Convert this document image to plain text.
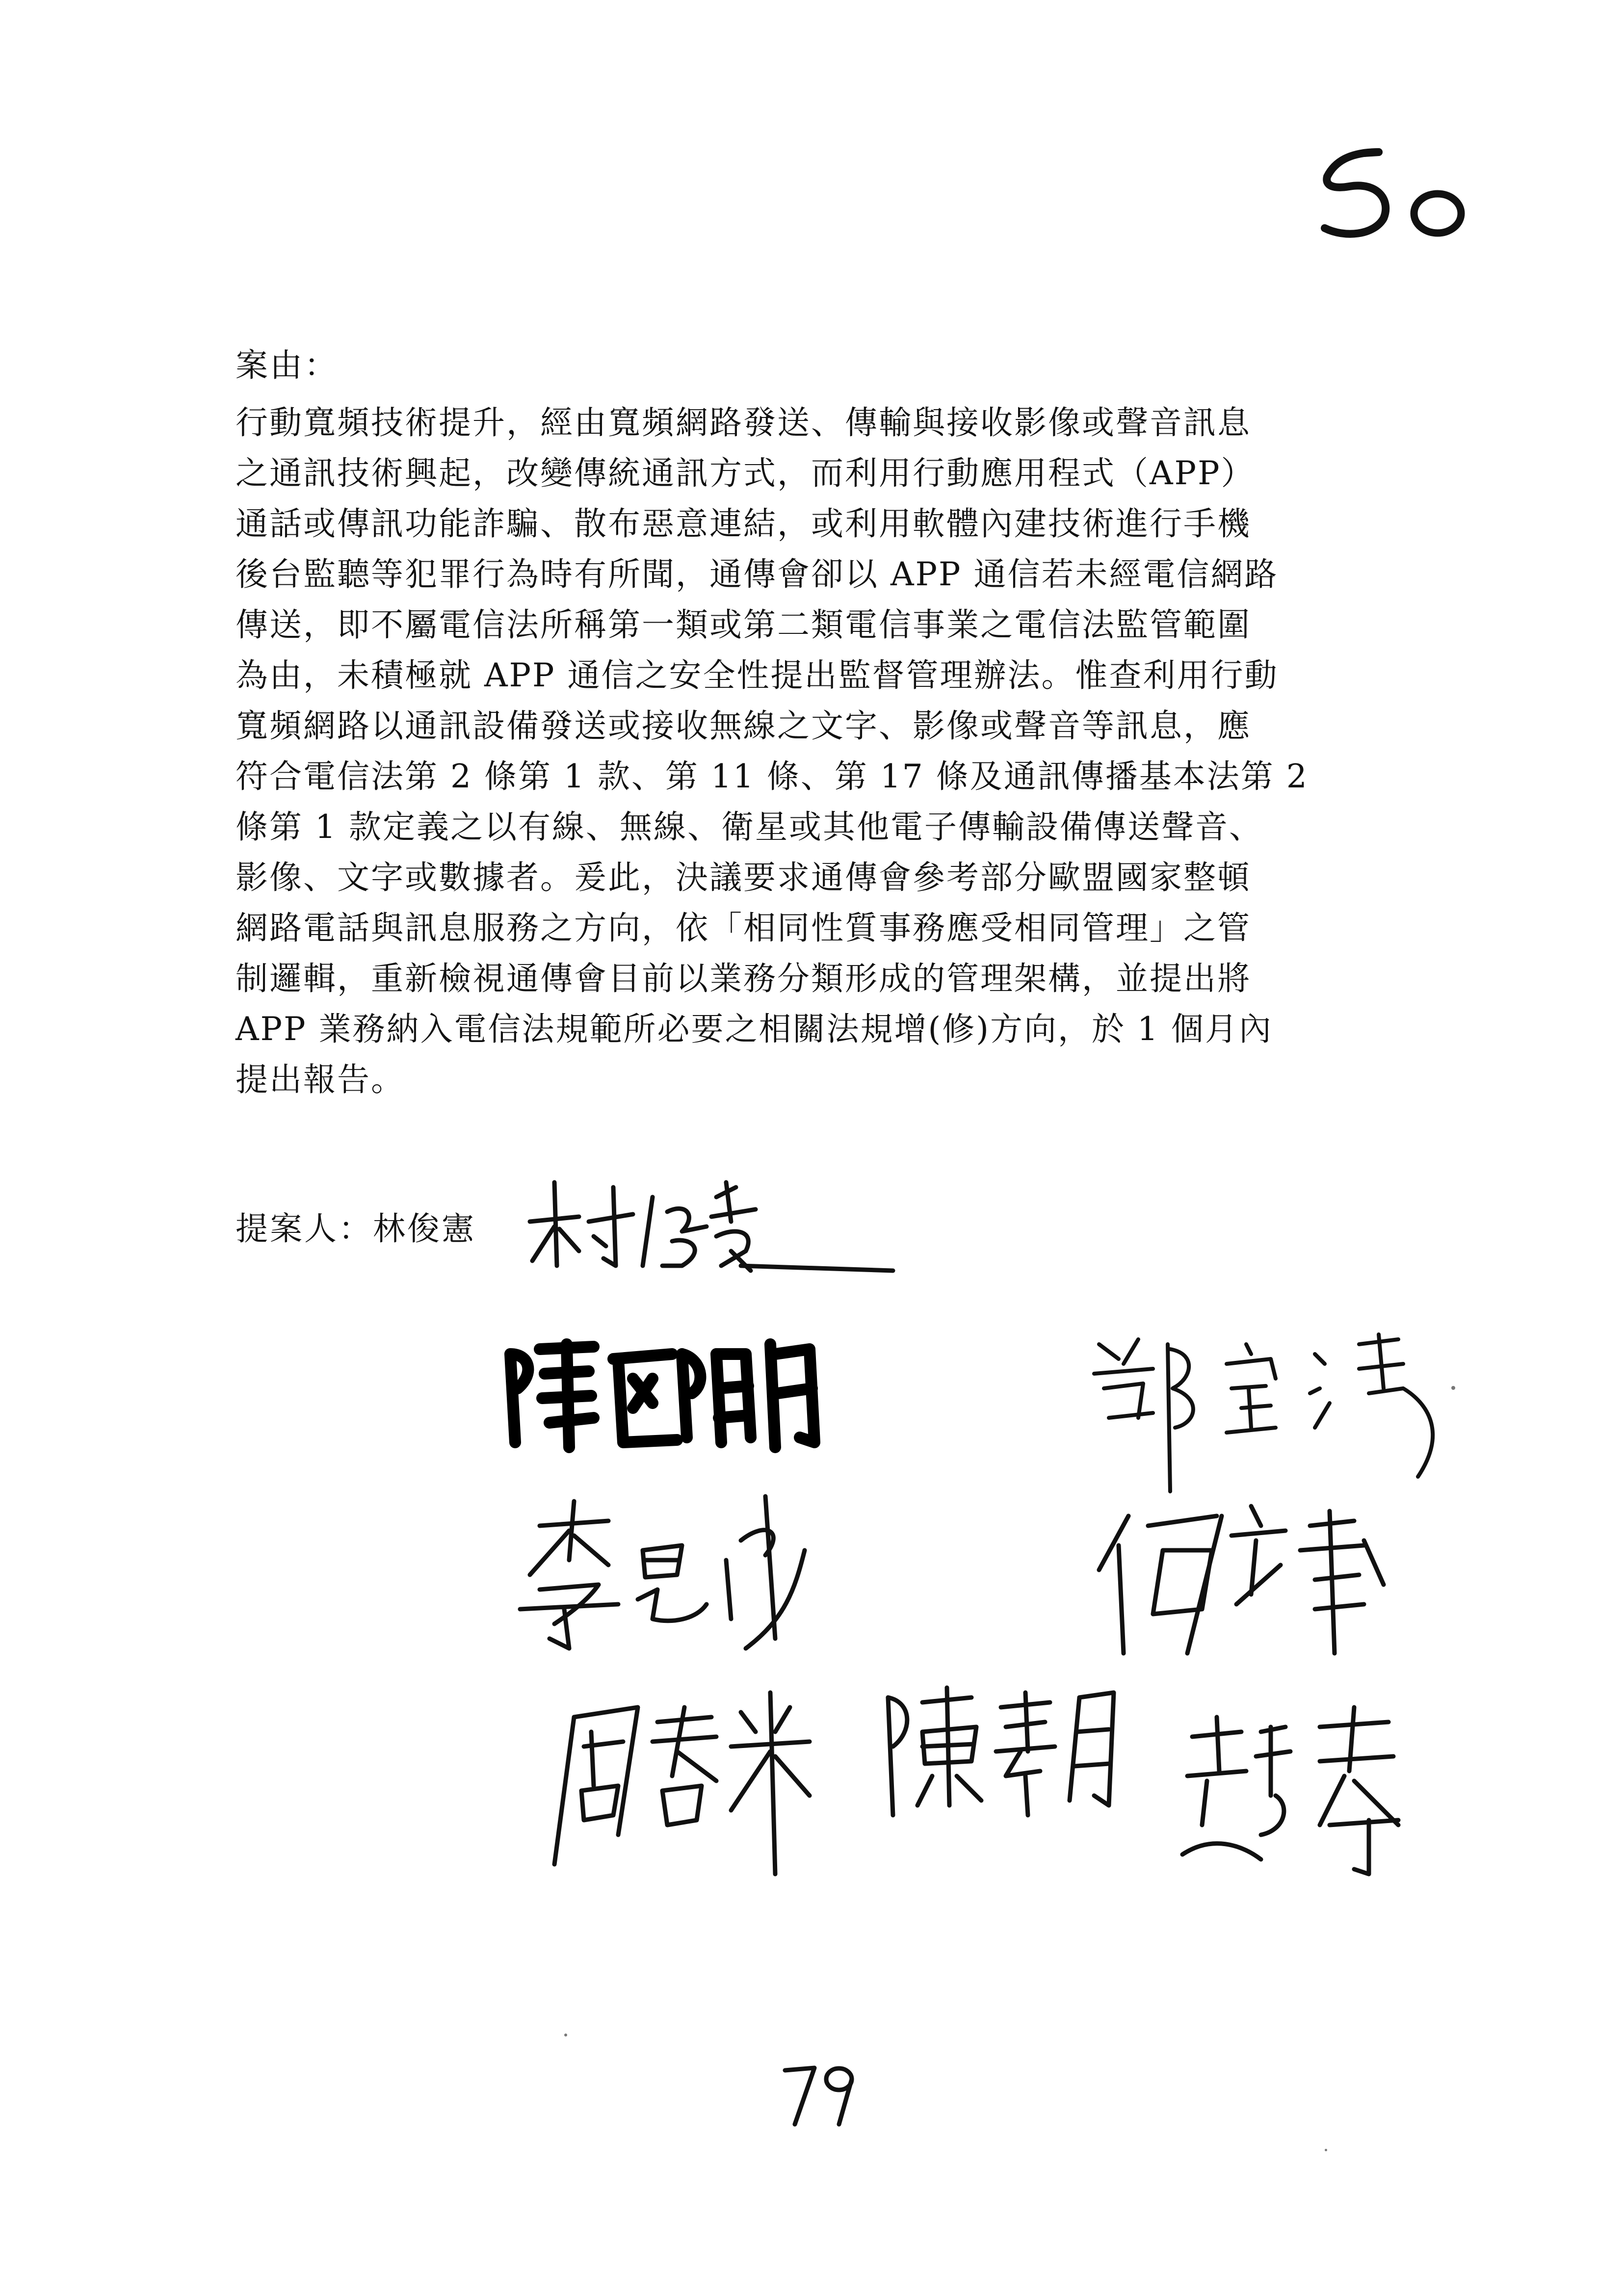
案由：
行動寬頻技術提升，經由寬頻網路發送、傳輸與接收影像或聲音訊息
之通訊技術興起，改變傳統通訊方式，而利用行動應用程式（APP）
通話或傳訊功能詐騙、散布惡意連結，或利用軟體內建技術進行手機
後台監聽等犯罪行為時有所聞，通傳會卻以 APP 通信若未經電信網路
傳送，即不屬電信法所稱第一類或第二類電信事業之電信法監管範圍
為由，未積極就 APP 通信之安全性提出監督管理辦法。惟查利用行動
寬頻網路以通訊設備發送或接收無線之文字、影像或聲音等訊息，應
符合電信法第 2 條第 1 款、第 11 條、第 17 條及通訊傳播基本法第 2
條第 1 款定義之以有線、無線、衛星或其他電子傳輸設備傳送聲音、
影像、文字或數據者。爰此，決議要求通傳會參考部分歐盟國家整頓
網路電話與訊息服務之方向，依「相同性質事務應受相同管理」之管
制邏輯，重新檢視通傳會目前以業務分類形成的管理架構，並提出將
APP 業務納入電信法規範所必要之相關法規增(修)方向，於 1 個月內
提出報告。
提案人：林俊憲
